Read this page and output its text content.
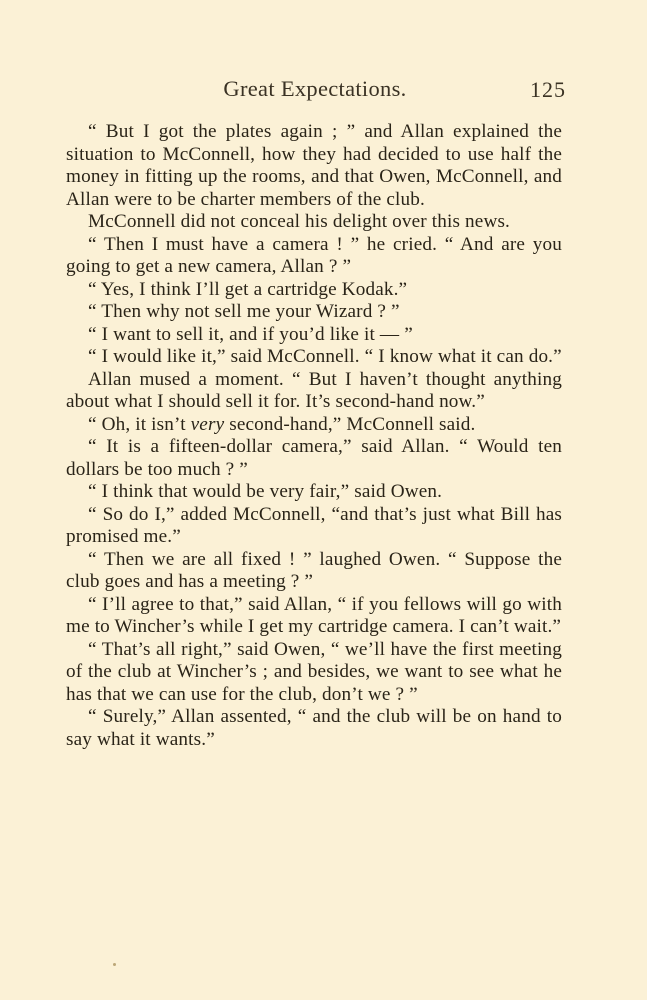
Great Expectations.	125

“ But I got the plates again ; ” and Allan explained the situation to McConnell, how they had decided to use half the money in fitting up the rooms, and that Owen, McConnell, and Allan were to be charter members of the club.

McConnell did not conceal his delight over this news.

“ Then I must have a camera ! ” he cried. “ And are you going to get a new camera, Allan ? ”

“ Yes, I think I’ll get a cartridge Kodak.”

“ Then why not sell me your Wizard ? ”

“ I want to sell it, and if you’d like it — ”

“ I would like it,” said McConnell. “ I know what it can do.”

Allan mused a moment. “ But I haven’t thought anything about what I should sell it for. It’s second-hand now.”

“ Oh, it isn’t very second-hand,” McConnell said.

“ It is a fifteen-dollar camera,” said Allan. “ Would ten dollars be too much ? ”

“ I think that would be very fair,” said Owen.

“ So do I,” added McConnell, “and that’s just what Bill has promised me.”

“ Then we are all fixed ! ” laughed Owen. “ Suppose the club goes and has a meeting ? ”

“ I’ll agree to that,” said Allan, “ if you fellows will go with me to Wincher’s while I get my cartridge camera. I can’t wait.”

“ That’s all right,” said Owen, “ we’ll have the first meeting of the club at Wincher’s ; and besides, we want to see what he has that we can use for the club, don’t we ? ”

“ Surely,” Allan assented, “ and the club will be on hand to say what it wants.”
